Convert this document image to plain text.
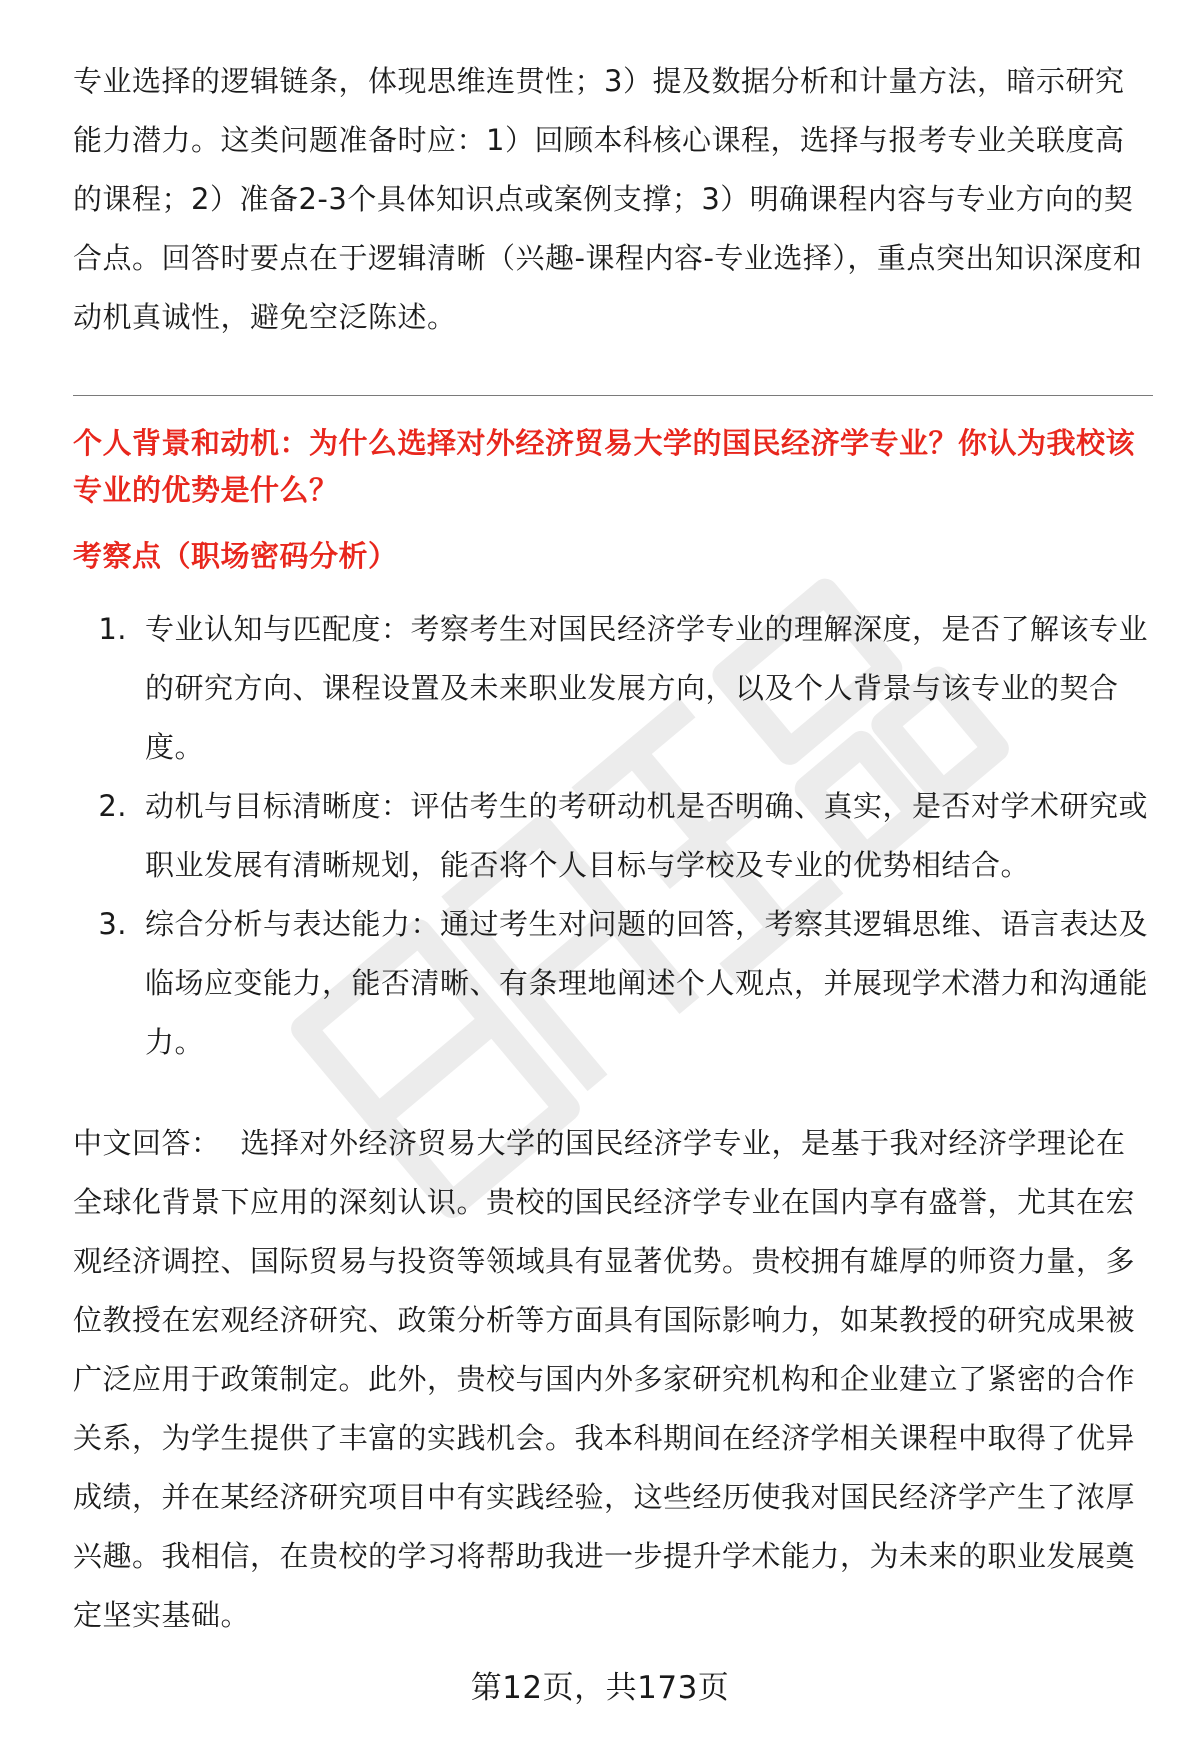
专业选择的逻辑链条，体现思维连贯性；3）提及数据分析和计量方法，暗示研究能力潜力。这类问题准备时应：1）回顾本科核心课程，选择与报考专业关联度高的课程；2）准备2-3个具体知识点或案例支撑；3）明确课程内容与专业方向的契合点。回答时要点在于逻辑清晰（兴趣-课程内容-专业选择），重点突出知识深度和动机真诚性，避免空泛陈述。

个人背景和动机：为什么选择对外经济贸易大学的国民经济学专业？你认为我校该专业的优势是什么？

考察点（职场密码分析）

1. 专业认知与匹配度：考察考生对国民经济学专业的理解深度，是否了解该专业的研究方向、课程设置及未来职业发展方向，以及个人背景与该专业的契合度。
2. 动机与目标清晰度：评估考生的考研动机是否明确、真实，是否对学术研究或职业发展有清晰规划，能否将个人目标与学校及专业的优势相结合。
3. 综合分析与表达能力：通过考生对问题的回答，考察其逻辑思维、语言表达及临场应变能力，能否清晰、有条理地阐述个人观点，并展现学术潜力和沟通能力。

中文回答： 选择对外经济贸易大学的国民经济学专业，是基于我对经济学理论在全球化背景下应用的深刻认识。贵校的国民经济学专业在国内享有盛誉，尤其在宏观经济调控、国际贸易与投资等领域具有显著优势。贵校拥有雄厚的师资力量，多位教授在宏观经济研究、政策分析等方面具有国际影响力，如某教授的研究成果被广泛应用于政策制定。此外，贵校与国内外多家研究机构和企业建立了紧密的合作关系，为学生提供了丰富的实践机会。我本科期间在经济学相关课程中取得了优异成绩，并在某经济研究项目中有实践经验，这些经历使我对国民经济学产生了浓厚兴趣。我相信，在贵校的学习将帮助我进一步提升学术能力，为未来的职业发展奠定坚实基础。

第12页，共173页
